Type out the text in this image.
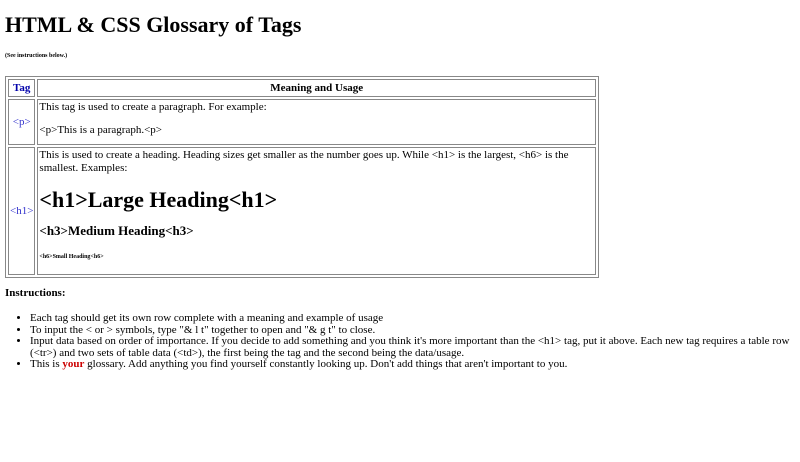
HTML & CSS Glossary of Tags

(See instructions below.)

Tag	Meaning and Usage
<p>	This tag is used to create a paragraph. For example:

<p>This is a paragraph.<p>

<h1>	This is used to create a heading. Heading sizes get smaller as the number goes up. While <h1> is the largest, <h6> is the smallest. Examples:

<h1>Large Heading<h1>
<h3>Medium Heading<h3>
<h6>Small Heading<h6>
Instructions:
• Each tag should get its own row complete with a meaning and example of usage
• To input the < or > symbols, type "& l t" together to open and "& g t" to close.
• Input data based on order of importance. If you decide to add something and you think it's more important than the <h1> tag, put it above. Each new tag requires a table row (<tr>) and two sets of table data (<td>), the first being the tag and the second being the data/usage.
• This is your glossary. Add anything you find yourself constantly looking up. Don't add things that aren't important to you.
